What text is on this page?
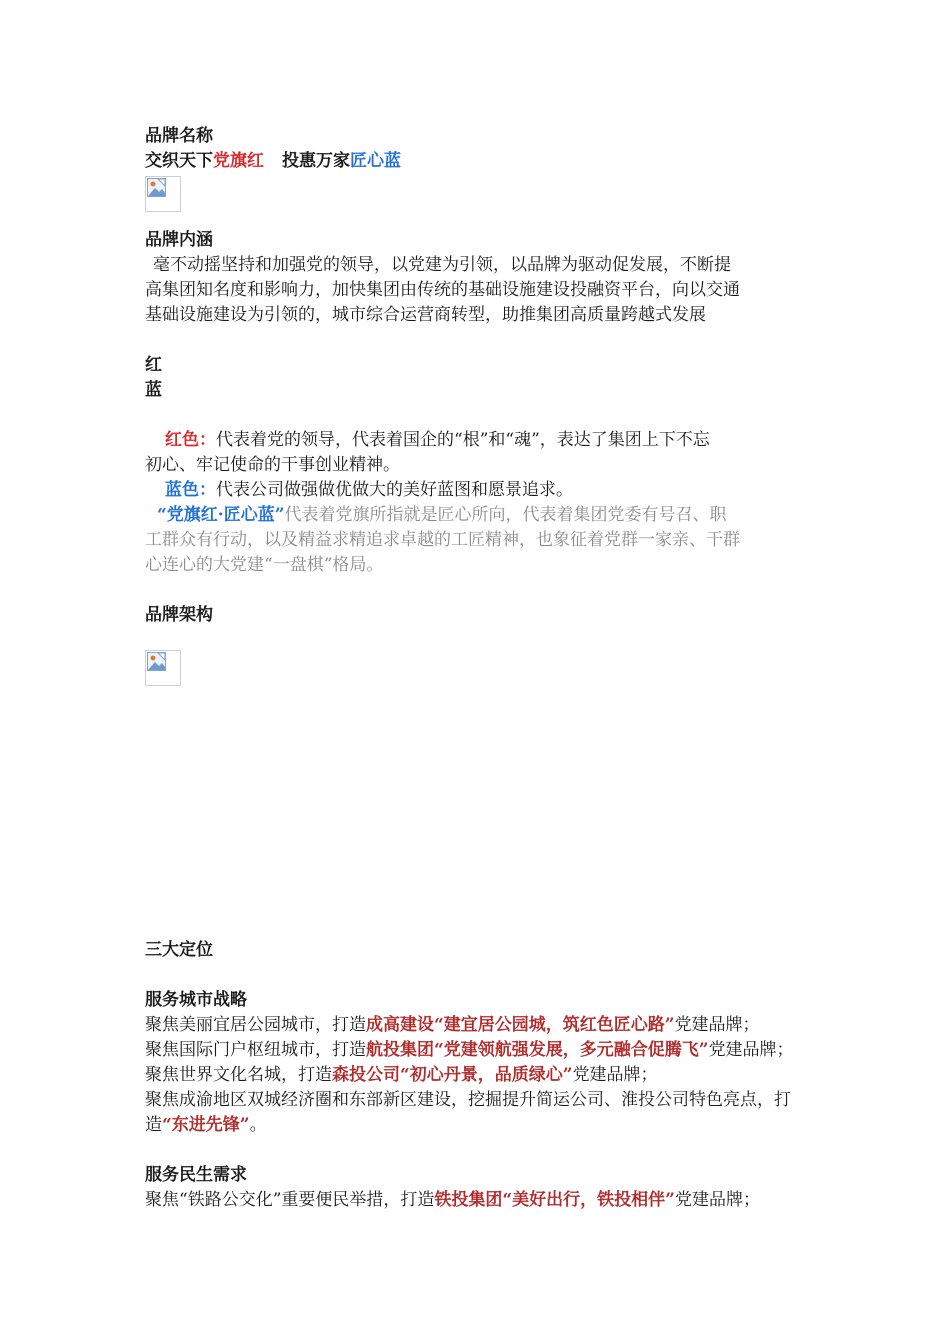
品牌名称
交织天下党旗红 投惠万家匠心蓝
品牌内涵
毫不动摇坚持和加强党的领导，以党建为引领，以品牌为驱动促发展，不断提
高集团知名度和影响力，加快集团由传统的基础设施建设投融资平台，向以交通
基础设施建设为引领的，城市综合运营商转型，助推集团高质量跨越式发展
红
蓝
红色：代表着党的领导，代表着国企的“根”和“魂”，表达了集团上下不忘
初心、牢记使命的干事创业精神。
蓝色：代表公司做强做优做大的美好蓝图和愿景追求。
“党旗红·匠心蓝”代表着党旗所指就是匠心所向，代表着集团党委有号召、职
工群众有行动，以及精益求精追求卓越的工匠精神，也象征着党群一家亲、干群
心连心的大党建“一盘棋”格局。
品牌架构
三大定位
服务城市战略
聚焦美丽宜居公园城市，打造成高建设“建宜居公园城，筑红色匠心路”党建品牌；
聚焦国际门户枢纽城市，打造航投集团“党建领航强发展，多元融合促腾飞”党建品牌；
聚焦世界文化名城，打造森投公司“初心丹景，品质绿心”党建品牌；
聚焦成渝地区双城经济圈和东部新区建设，挖掘提升简运公司、淮投公司特色亮点，打
造“东进先锋”。
服务民生需求
聚焦“铁路公交化”重要便民举措，打造铁投集团“美好出行，铁投相伴”党建品牌；
